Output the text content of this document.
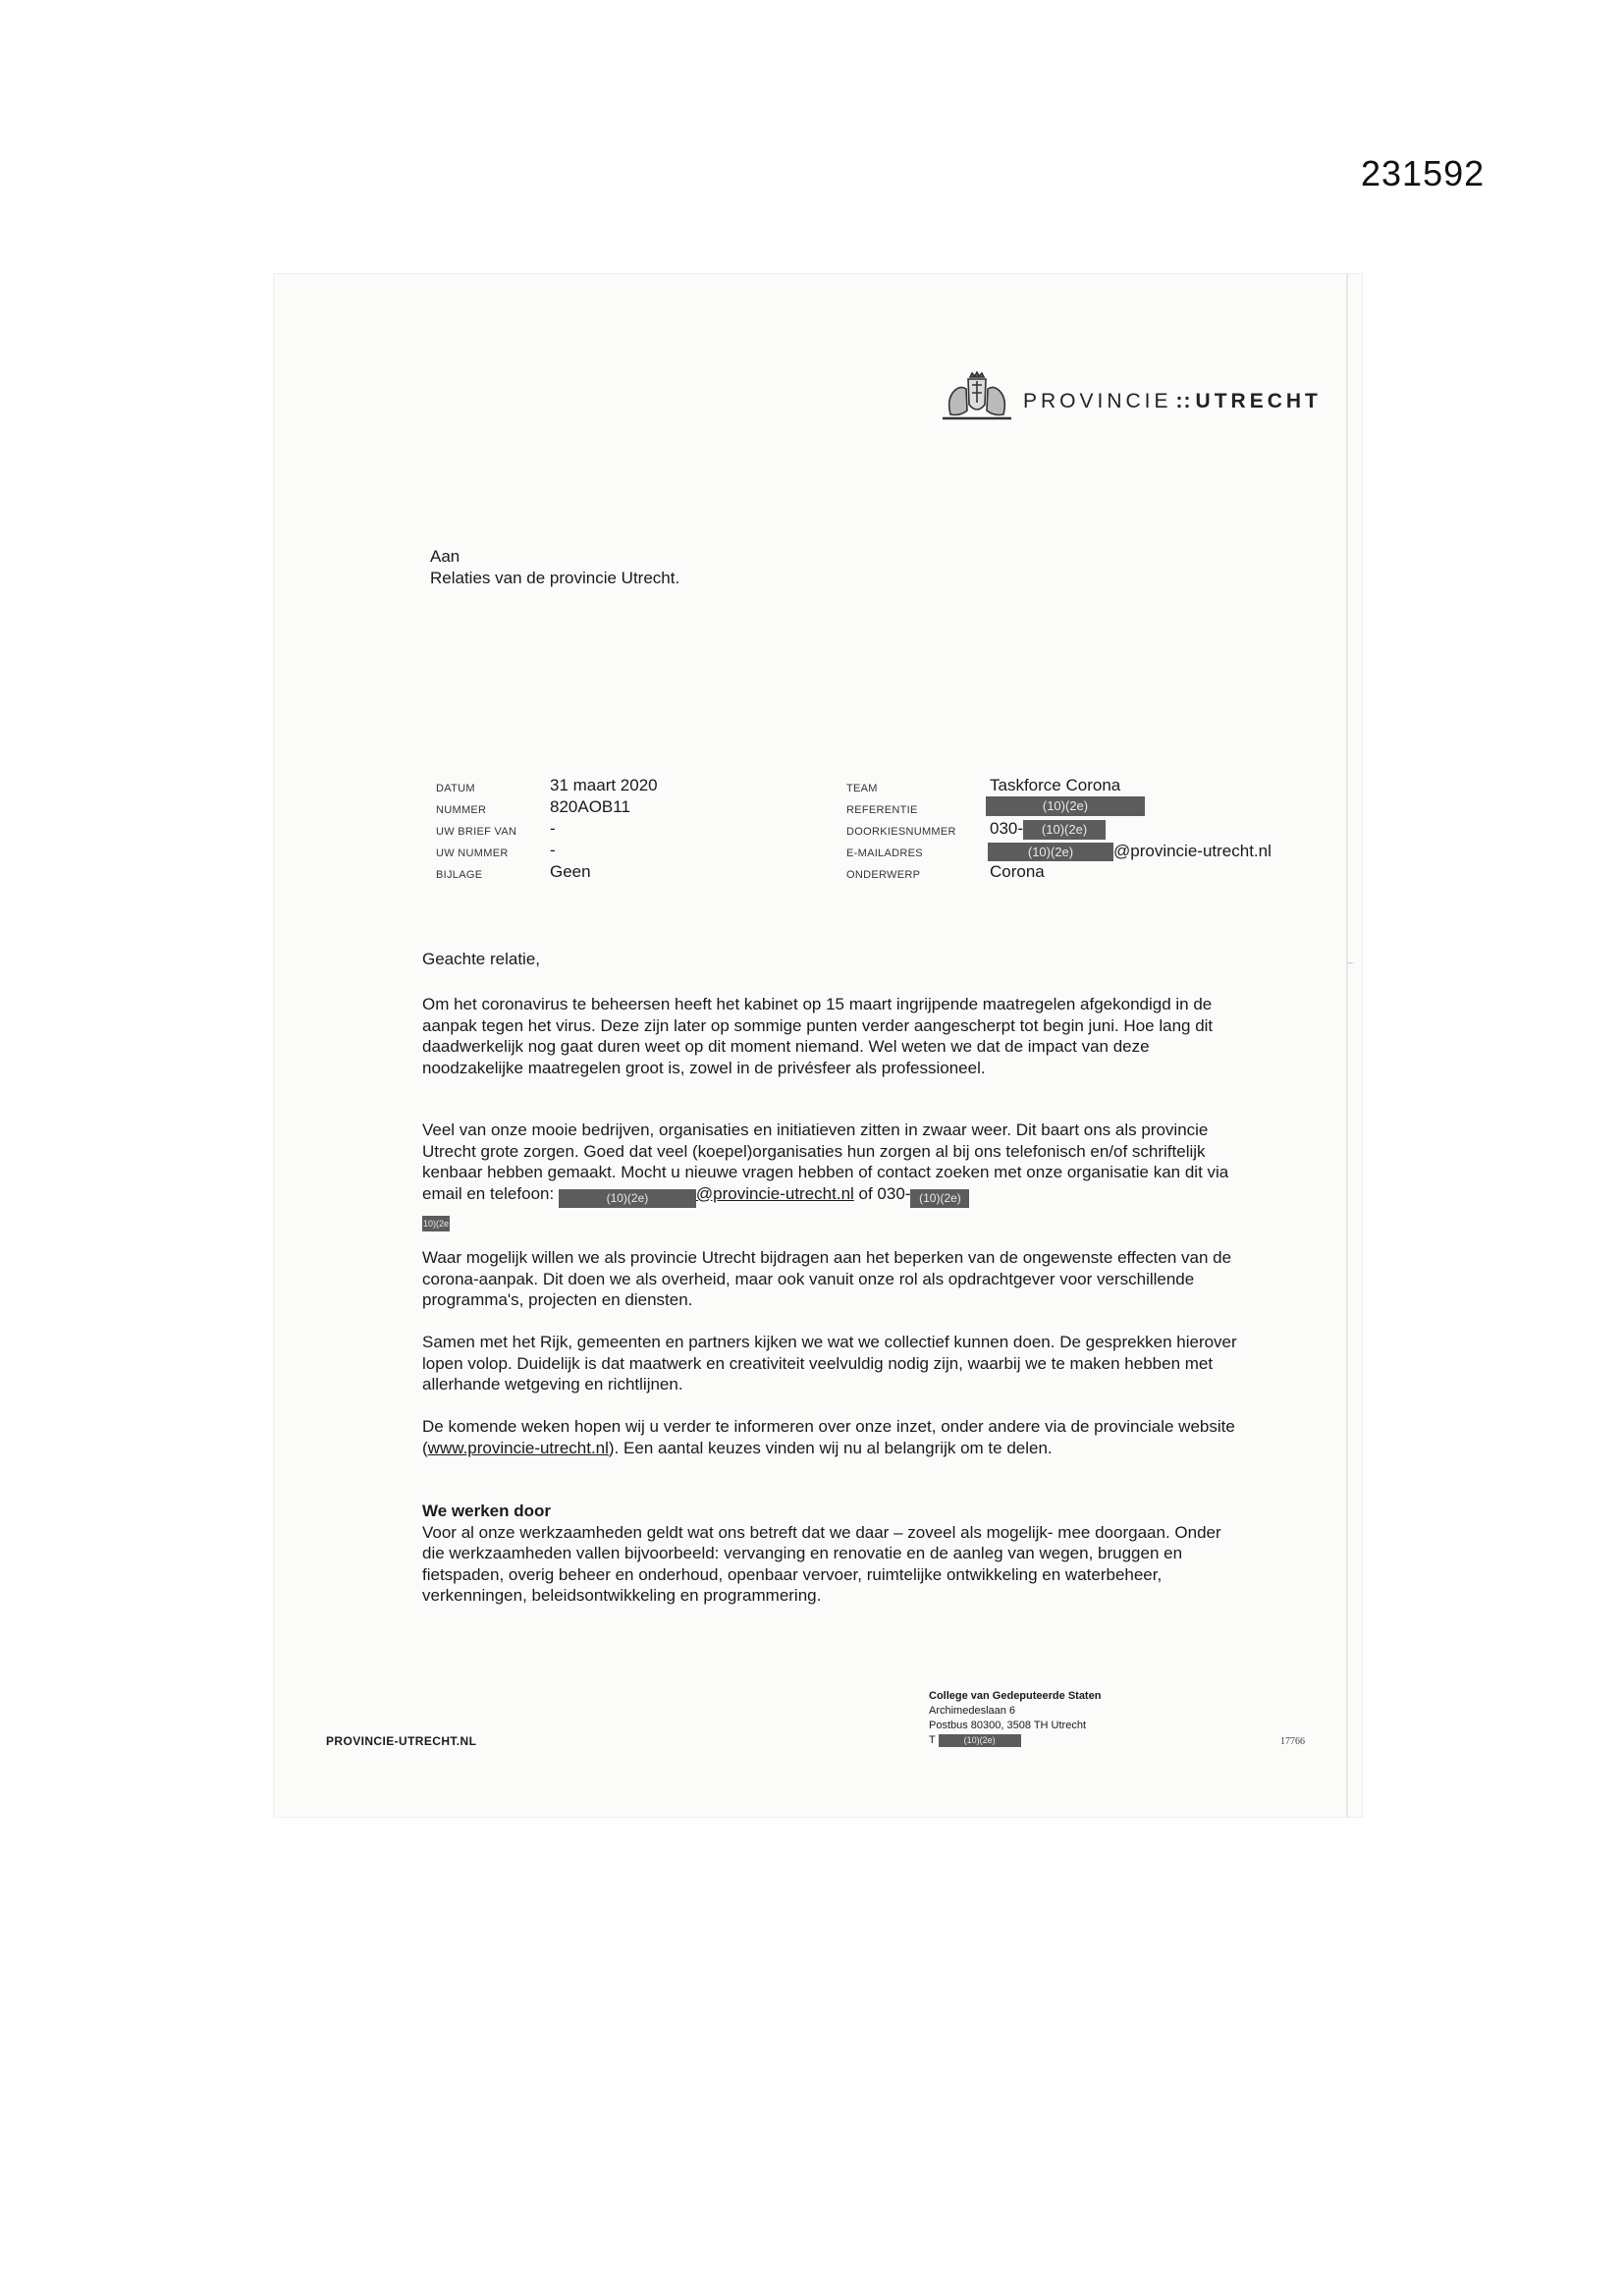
231592
PROVINCIE :: UTRECHT
Aan
Relaties van de provincie Utrecht.
DATUM	31 maart 2020
NUMMER	820AOB11
UW BRIEF VAN -
UW NUMMER -
BIJLAGE	Geen
TEAM	Taskforce Corona
REFERENTIE	(10)(2e)
DOORKIESNUMMER 030- (10)(2e)
E-MAILADRES	(10)(2e) @provincie-utrecht.nl
ONDERWERP	Corona
Geachte relatie,

Om het coronavirus te beheersen heeft het kabinet op 15 maart ingrijpende maatregelen afgekondigd in de aanpak tegen het virus. Deze zijn later op sommige punten verder aangescherpt tot begin juni. Hoe lang dit daadwerkelijk nog gaat duren weet op dit moment niemand. Wel weten we dat de impact van deze noodzakelijke maatregelen groot is, zowel in de privésfeer als professioneel.

Veel van onze mooie bedrijven, organisaties en initiatieven zitten in zwaar weer. Dit baart ons als provincie Utrecht grote zorgen. Goed dat veel (koepel)organisaties hun zorgen al bij ons telefonisch en/of schriftelijk kenbaar hebben gemaakt. Mocht u nieuwe vragen hebben of contact zoeken met onze organisatie kan dit via email en telefoon:	(10)(2e)	@provincie-utrecht.nl of 030- (10)(2e)
10)(2e

Waar mogelijk willen we als provincie Utrecht bijdragen aan het beperken van de ongewenste effecten van de corona-aanpak. Dit doen we als overheid, maar ook vanuit onze rol als opdrachtgever voor verschillende programma's, projecten en diensten.

Samen met het Rijk, gemeenten en partners kijken we wat we collectief kunnen doen. De gesprekken hierover lopen volop. Duidelijk is dat maatwerk en creativiteit veelvuldig nodig zijn, waarbij we te maken hebben met allerhande wetgeving en richtlijnen.

De komende weken hopen wij u verder te informeren over onze inzet, onder andere via de provinciale website (www.provincie-utrecht.nl). Een aantal keuzes vinden wij nu al belangrijk om te delen.

We werken door

Voor al onze werkzaamheden geldt wat ons betreft dat we daar – zoveel als mogelijk- mee doorgaan. Onder die werkzaamheden vallen bijvoorbeeld: vervanging en renovatie en de aanleg van wegen, bruggen en fietspaden, overig beheer en onderhoud, openbaar vervoer, ruimtelijke ontwikkeling en waterbeheer, verkenningen, beleidsontwikkeling en programmering.

PROVINCIE-UTRECHT.NL
College van Gedeputeerde Staten
Archimedeslaan 6
Postbus 80300, 3508 TH Utrecht
T	(10)(2e)	17766
